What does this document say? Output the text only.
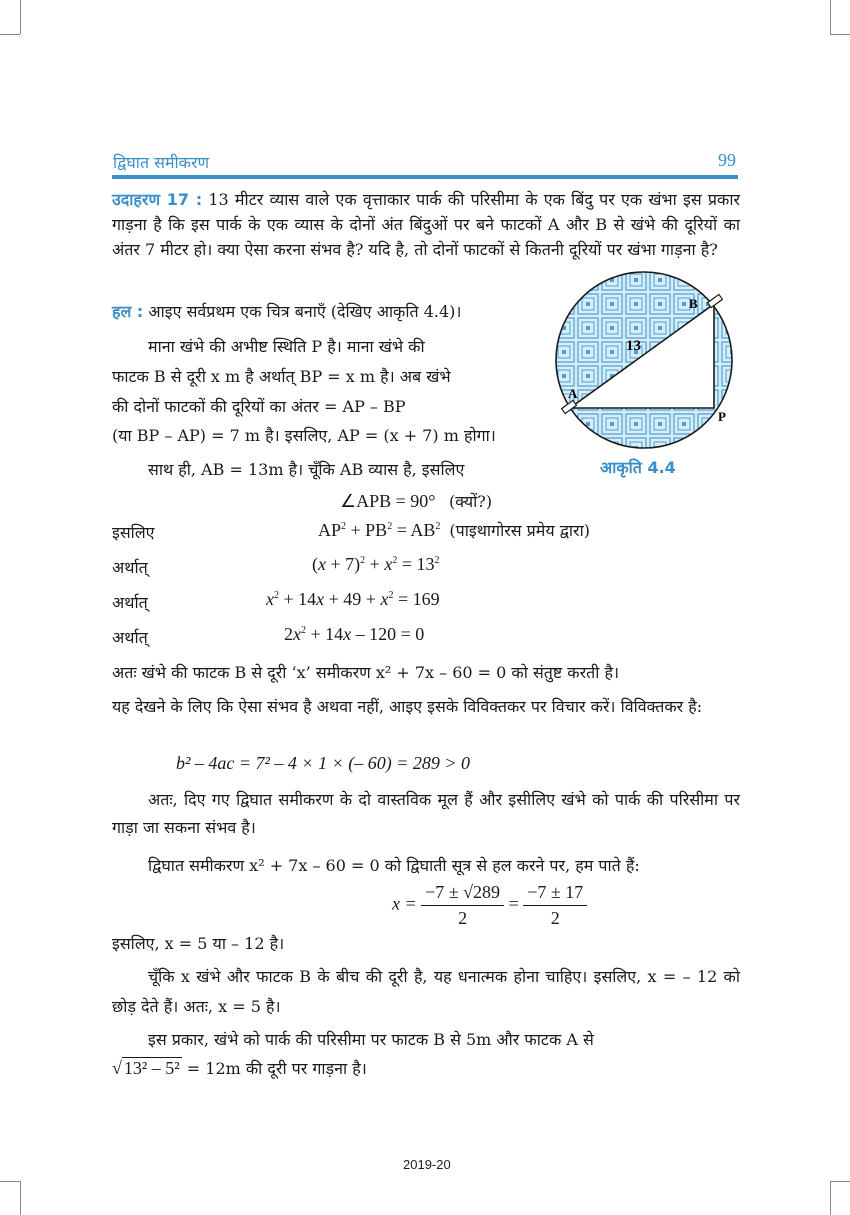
द्विघात समीकरण	99
उदाहरण 17 : 13 मीटर व्यास वाले एक वृत्ताकार पार्क की परिसीमा के एक बिंदु पर एक खंभा इस प्रकार गाड़ना है कि इस पार्क के एक व्यास के दोनों अंत बिंदुओं पर बने फाटकों A और B से खंभे की दूरियों का अंतर 7 मीटर हो। क्या ऐसा करना संभव है? यदि है, तो दोनों फाटकों से कितनी दूरियों पर खंभा गाड़ना है?
हल : आइए सर्वप्रथम एक चित्र बनाएँ (देखिए आकृति 4.4)।
माना खंभे की अभीष्ट स्थिति P है। माना खंभे की
फाटक B से दूरी x m है अर्थात् BP = x m है। अब खंभे
की दोनों फाटकों की दूरियों का अंतर = AP – BP
(या BP – AP) = 7 m है। इसलिए, AP = (x + 7) m होगा।
साथ ही, AB = 13m है। चूँकि AB व्यास है, इसलिए
13
A
B
P
आकृति 4.4
∠APB = 90° (क्यों?)
इसलिए	$AP^2 + PB^2 = AB^2$ (पाइथागोरस प्रमेय द्वारा)
अर्थात्	$(x + 7)^2 + x^2 = 13^2$
अर्थात्	$x^2 + 14x + 49 + x^2 = 169$
अर्थात्	$2x^2 + 14x - 120 = 0$
अतः खंभे की फाटक B से दूरी ‘x’ समीकरण x² + 7x – 60 = 0 को संतुष्ट करती है।
यह देखने के लिए कि ऐसा संभव है अथवा नहीं, आइए इसके विविक्तकर पर विचार करें। विविक्तकर है:
b² – 4ac = 7² – 4 × 1 × (– 60) = 289 > 0
अतः, दिए गए द्विघात समीकरण के दो वास्तविक मूल हैं और इसीलिए खंभे को पार्क की परिसीमा पर गाड़ा जा सकना संभव है।
द्विघात समीकरण x² + 7x – 60 = 0 को द्विघाती सूत्र से हल करने पर, हम पाते हैं:
$x = \frac{-7 \pm √289}{2} = \frac{-7 \pm 17}{2}$
इसलिए, x = 5 या – 12 है।
चूँकि x खंभे और फाटक B के बीच की दूरी है, यह धनात्मक होना चाहिए। इसलिए, x = – 12 को छोड़ देते हैं। अतः, x = 5 है।
इस प्रकार, खंभे को पार्क की परिसीमा पर फाटक B से 5m और फाटक A से
√ 13² – 5² = 12m की दूरी पर गाड़ना है।
2019-20
